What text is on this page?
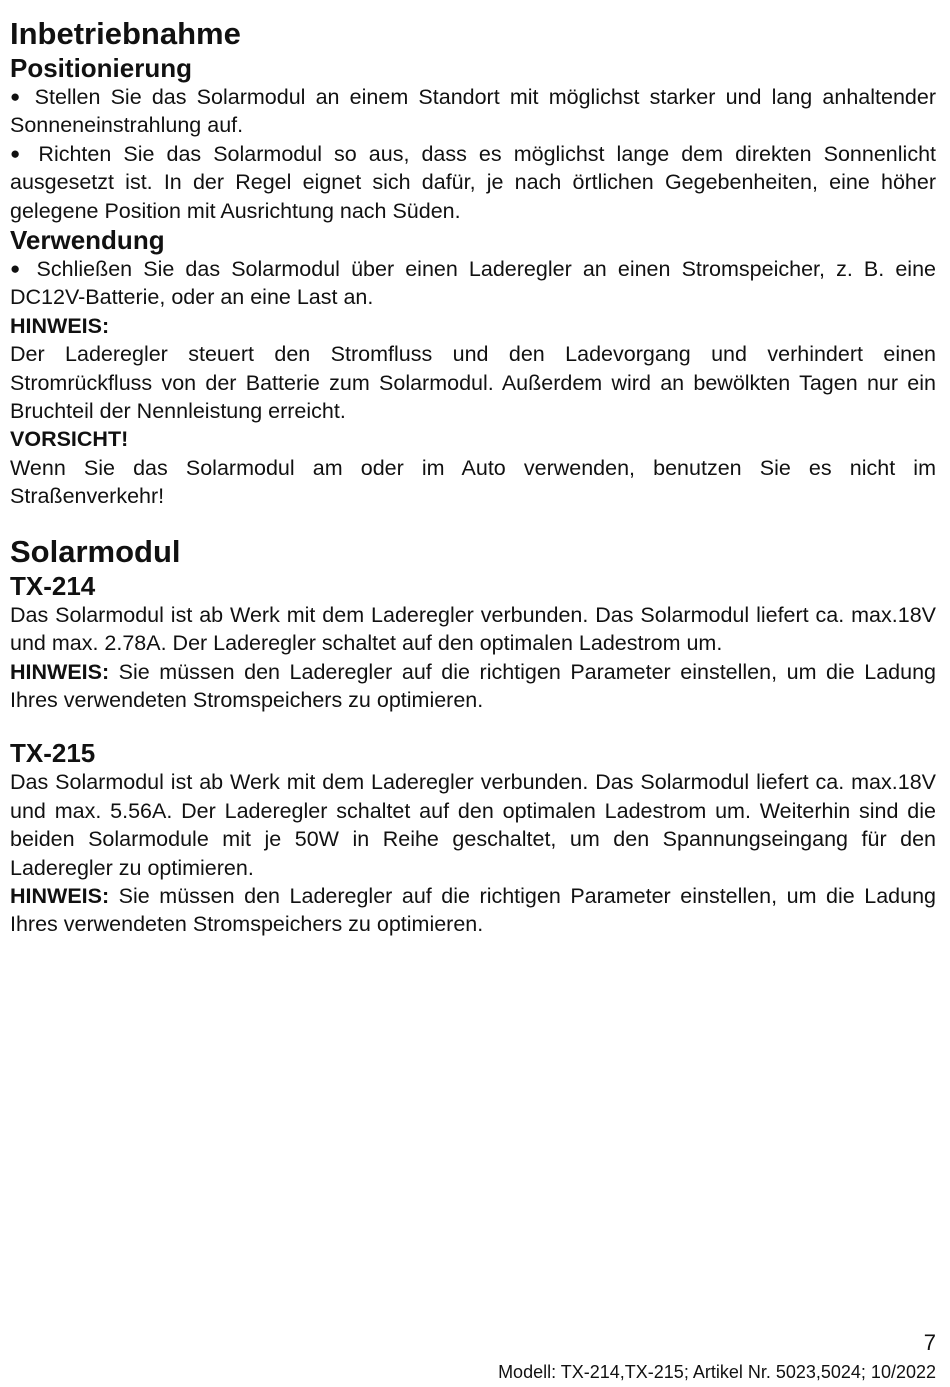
Inbetriebnahme
Positionierung

● Stellen Sie das Solarmodul an einem Standort mit möglichst starker und lang anhaltender Sonneneinstrahlung auf.

● Richten Sie das Solarmodul so aus, dass es möglichst lange dem direkten Sonnenlicht ausgesetzt ist. In der Regel eignet sich dafür, je nach örtlichen Gegebenheiten, eine höher gelegene Position mit Ausrichtung nach Süden.

Verwendung

● Schließen Sie das Solarmodul über einen Laderegler an einen Stromspeicher, z. B. eine DC12V-Batterie, oder an eine Last an.

HINWEIS:

Der Laderegler steuert den Stromfluss und den Ladevorgang und verhindert einen Stromrückfluss von der Batterie zum Solarmodul. Außerdem wird an bewölkten Tagen nur ein Bruchteil der Nennleistung erreicht.

VORSICHT!

Wenn Sie das Solarmodul am oder im Auto verwenden, benutzen Sie es nicht im Straßenverkehr!

Solarmodul
TX-214

Das Solarmodul ist ab Werk mit dem Laderegler verbunden. Das Solarmodul liefert ca. max.18V und max. 2.78A. Der Laderegler schaltet auf den optimalen Ladestrom um.

HINWEIS: Sie müssen den Laderegler auf die richtigen Parameter einstellen, um die Ladung Ihres verwendeten Stromspeichers zu optimieren.

TX-215

Das Solarmodul ist ab Werk mit dem Laderegler verbunden. Das Solarmodul liefert ca. max.18V und max. 5.56A. Der Laderegler schaltet auf den optimalen Ladestrom um. Weiterhin sind die beiden Solarmodule mit je 50W in Reihe geschaltet, um den Spannungseingang für den Laderegler zu optimieren.

HINWEIS: Sie müssen den Laderegler auf die richtigen Parameter einstellen, um die Ladung Ihres verwendeten Stromspeichers zu optimieren.

7
Modell: TX-214,TX-215; Artikel Nr. 5023,5024; 10/2022
